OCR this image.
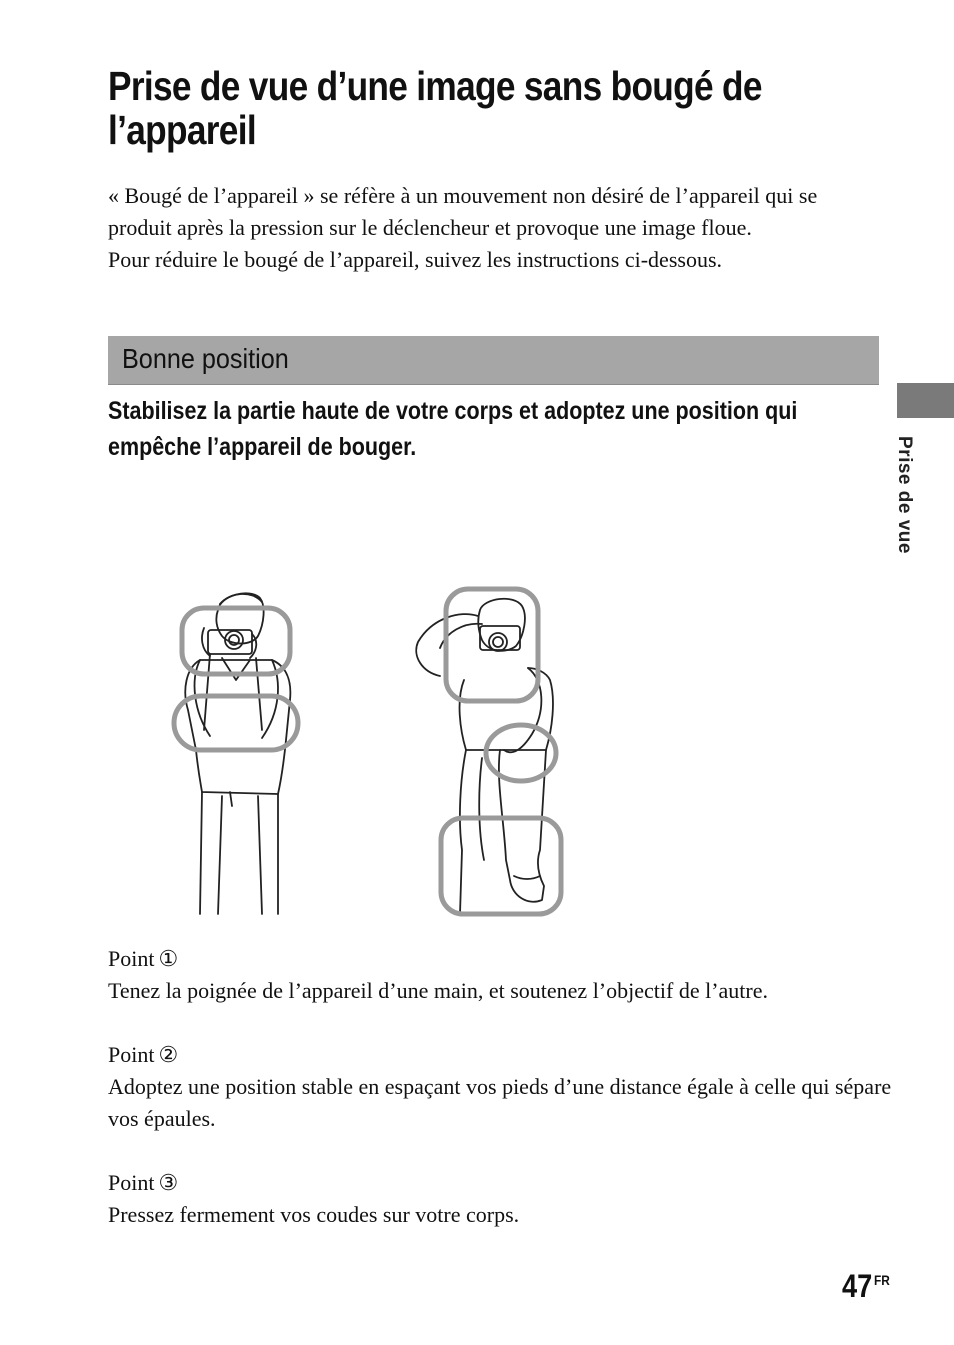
Prise de vue d’une image sans bougé de l’appareil

« Bougé de l’appareil » se réfère à un mouvement non désiré de l’appareil qui se produit après la pression sur le déclencheur et provoque une image floue.

Pour réduire le bougé de l’appareil, suivez les instructions ci-dessous.

Bonne position

Stabilisez la partie haute de votre corps et adoptez une position qui empêche l’appareil de bouger.	Prise de vue

Point ①

Tenez la poignée de l’appareil d’une main, et soutenez l’objectif de l’autre.

Point ②

Adoptez une position stable en espaçant vos pieds d’une distance égale à celle qui sépare vos épaules.

Point ③

Pressez fermement vos coudes sur votre corps.

47 $^{FR}$
